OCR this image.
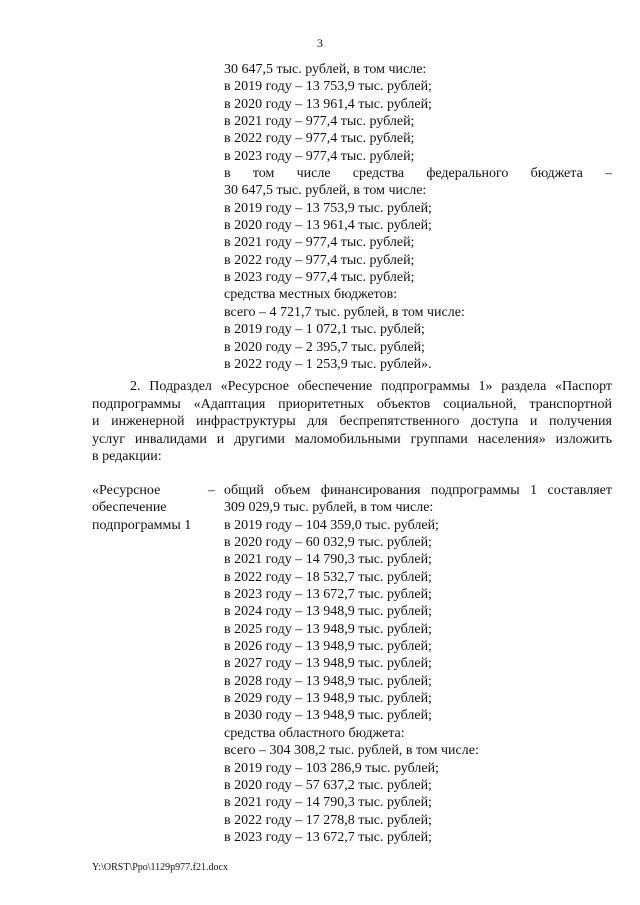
3
30 647,5 тыс. рублей, в том числе:
в 2019 году – 13 753,9 тыс. рублей;
в 2020 году – 13 961,4 тыс. рублей;
в 2021 году – 977,4 тыс. рублей;
в 2022 году – 977,4 тыс. рублей;
в 2023 году – 977,4 тыс. рублей;
в том числе средства федерального бюджета –
30 647,5 тыс. рублей, в том числе:
в 2019 году – 13 753,9 тыс. рублей;
в 2020 году – 13 961,4 тыс. рублей;
в 2021 году – 977,4 тыс. рублей;
в 2022 году – 977,4 тыс. рублей;
в 2023 году – 977,4 тыс. рублей;
средства местных бюджетов:
всего – 4 721,7 тыс. рублей, в том числе:
в 2019 году – 1 072,1 тыс. рублей;
в 2020 году – 2 395,7 тыс. рублей;
в 2022 году – 1 253,9 тыс. рублей».
2. Подраздел «Ресурсное обеспечение подпрограммы 1» раздела «Паспорт
подпрограммы «Адаптация приоритетных объектов социальной, транспортной
и инженерной инфраструктуры для беспрепятственного доступа и получения
услуг инвалидами и другими маломобильными группами населения» изложить
в редакции:
«Ресурсное
обеспечение
подпрограммы 1
– общий объем финансирования подпрограммы 1 составляет
309 029,9 тыс. рублей, в том числе:
в 2019 году – 104 359,0 тыс. рублей;
в 2020 году – 60 032,9 тыс. рублей;
в 2021 году – 14 790,3 тыс. рублей;
в 2022 году – 18 532,7 тыс. рублей;
в 2023 году – 13 672,7 тыс. рублей;
в 2024 году – 13 948,9 тыс. рублей;
в 2025 году – 13 948,9 тыс. рублей;
в 2026 году – 13 948,9 тыс. рублей;
в 2027 году – 13 948,9 тыс. рублей;
в 2028 году – 13 948,9 тыс. рублей;
в 2029 году – 13 948,9 тыс. рублей;
в 2030 году – 13 948,9 тыс. рублей;
средства областного бюджета:
всего – 304 308,2 тыс. рублей, в том числе:
в 2019 году – 103 286,9 тыс. рублей;
в 2020 году – 57 637,2 тыс. рублей;
в 2021 году – 14 790,3 тыс. рублей;
в 2022 году – 17 278,8 тыс. рублей;
в 2023 году – 13 672,7 тыс. рублей;
Y:\ORST\Ppo\1129p977.f21.docx
